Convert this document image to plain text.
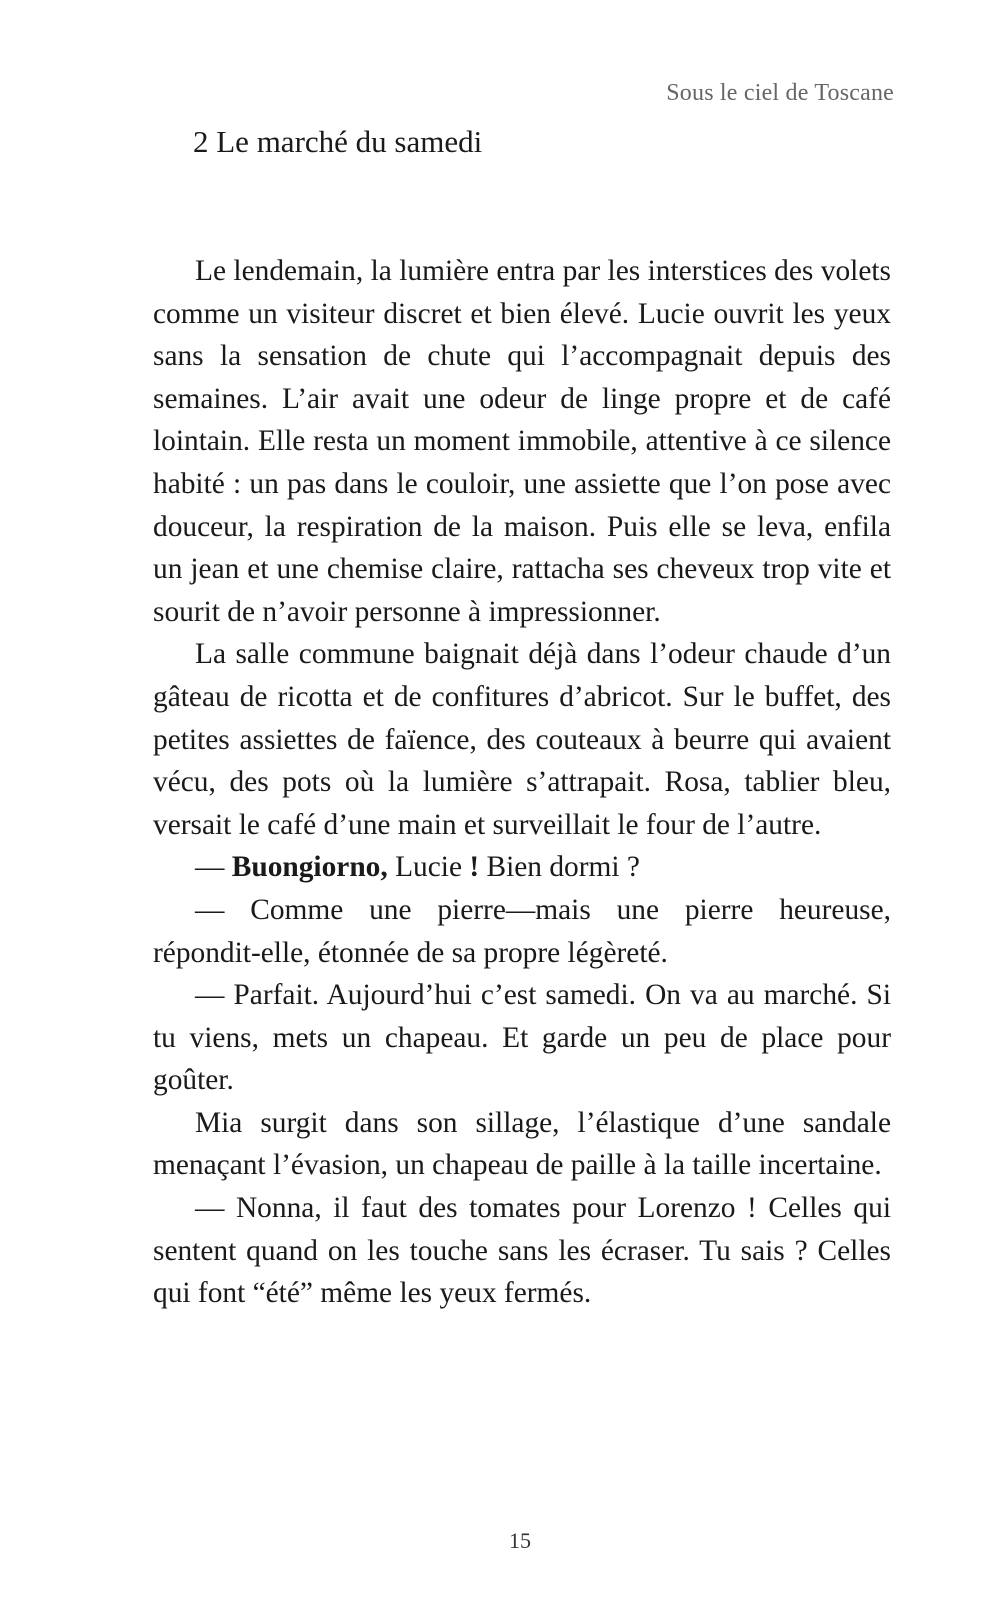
Sous le ciel de Toscane
2 Le marché du samedi

Le lendemain, la lumière entra par les interstices des volets comme un visiteur discret et bien élevé. Lucie ouvrit les yeux sans la sensation de chute qui l’accompagnait depuis des semaines. L’air avait une odeur de linge propre et de café lointain. Elle resta un moment immobile, attentive à ce silence habité : un pas dans le couloir, une assiette que l’on pose avec douceur, la respiration de la maison. Puis elle se leva, enfila un jean et une chemise claire, rattacha ses cheveux trop vite et sourit de n’avoir personne à impressionner.

La salle commune baignait déjà dans l’odeur chaude d’un gâteau de ricotta et de confitures d’abricot. Sur le buffet, des petites assiettes de faïence, des couteaux à beurre qui avaient vécu, des pots où la lumière s’attrapait. Rosa, tablier bleu, versait le café d’une main et surveillait le four de l’autre.

— Buongiorno, Lucie ! Bien dormi ?

— Comme une pierre—mais une pierre heureuse, répondit-elle, étonnée de sa propre légèreté.

— Parfait. Aujourd’hui c’est samedi. On va au marché. Si tu viens, mets un chapeau. Et garde un peu de place pour goûter.

Mia surgit dans son sillage, l’élastique d’une sandale menaçant l’évasion, un chapeau de paille à la taille incertaine.

— Nonna, il faut des tomates pour Lorenzo ! Celles qui sentent quand on les touche sans les écraser. Tu sais ? Celles qui font “été” même les yeux fermés.

15
